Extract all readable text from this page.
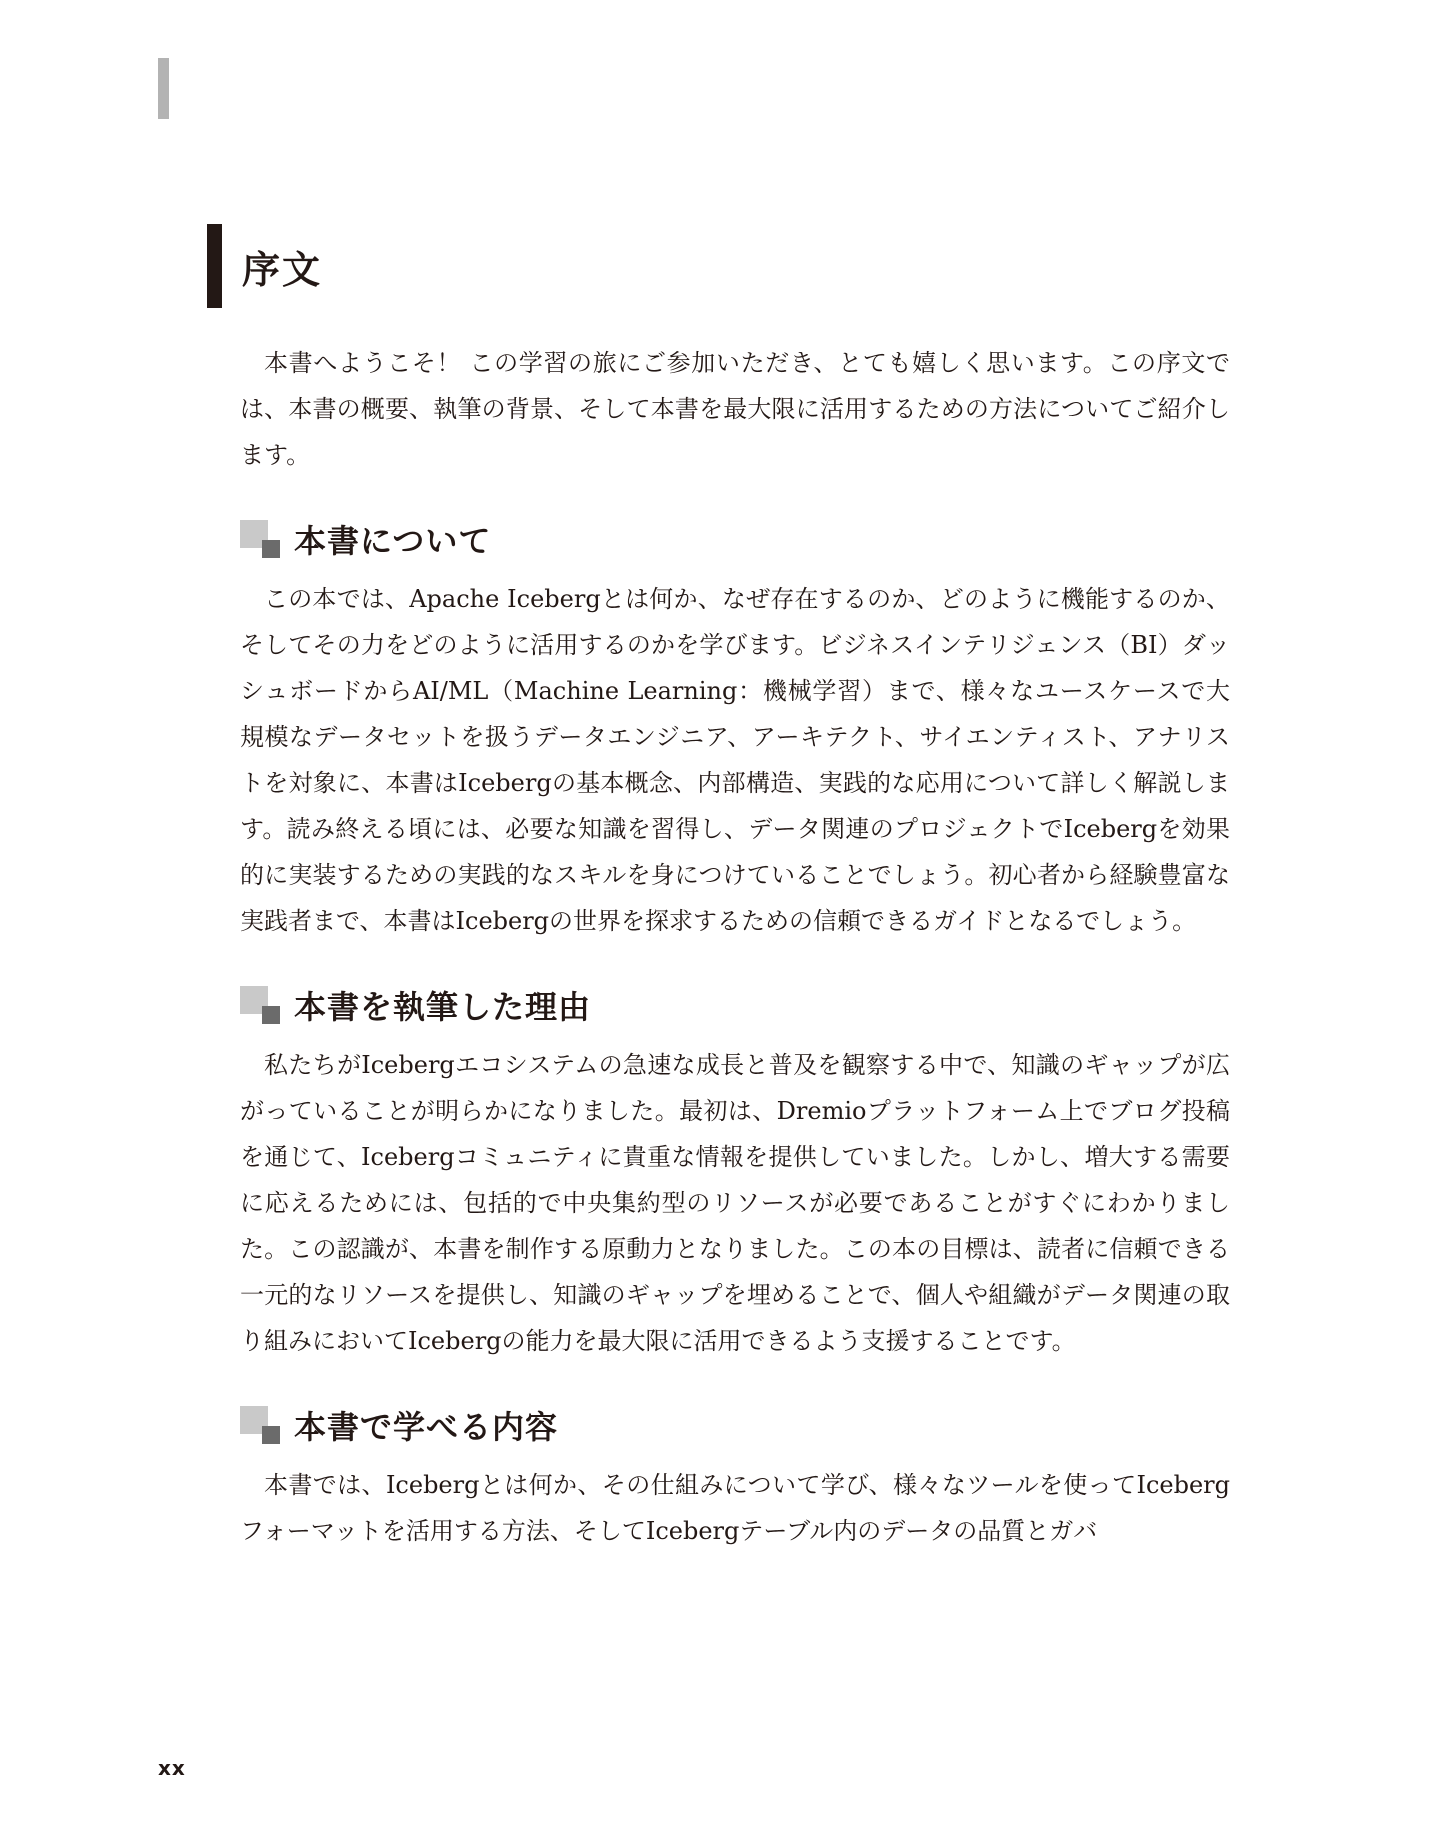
序文

本書へようこそ！ この学習の旅にご参加いただき、とても嬉しく思います。この序文では、本書の概要、執筆の背景、そして本書を最大限に活用するための方法についてご紹介します。

本書について

この本では、Apache Icebergとは何か、なぜ存在するのか、どのように機能するのか、そしてその力をどのように活用するのかを学びます。ビジネスインテリジェンス（BI）ダッシュボードからAI/ML（Machine Learning：機械学習）まで、様々なユースケースで大規模なデータセットを扱うデータエンジニア、アーキテクト、サイエンティスト、アナリストを対象に、本書はIcebergの基本概念、内部構造、実践的な応用について詳しく解説します。読み終える頃には、必要な知識を習得し、データ関連のプロジェクトでIcebergを効果的に実装するための実践的なスキルを身につけていることでしょう。初心者から経験豊富な実践者まで、本書はIcebergの世界を探求するための信頼できるガイドとなるでしょう。

本書を執筆した理由

私たちがIcebergエコシステムの急速な成長と普及を観察する中で、知識のギャップが広がっていることが明らかになりました。最初は、Dremioプラットフォーム上でブログ投稿を通じて、Icebergコミュニティに貴重な情報を提供していました。しかし、増大する需要に応えるためには、包括的で中央集約型のリソースが必要であることがすぐにわかりました。この認識が、本書を制作する原動力となりました。この本の目標は、読者に信頼できる一元的なリソースを提供し、知識のギャップを埋めることで、個人や組織がデータ関連の取り組みにおいてIcebergの能力を最大限に活用できるよう支援することです。

本書で学べる内容

本書では、Icebergとは何か、その仕組みについて学び、様々なツールを使ってIcebergフォーマットを活用する方法、そしてIcebergテーブル内のデータの品質とガバ

xx
